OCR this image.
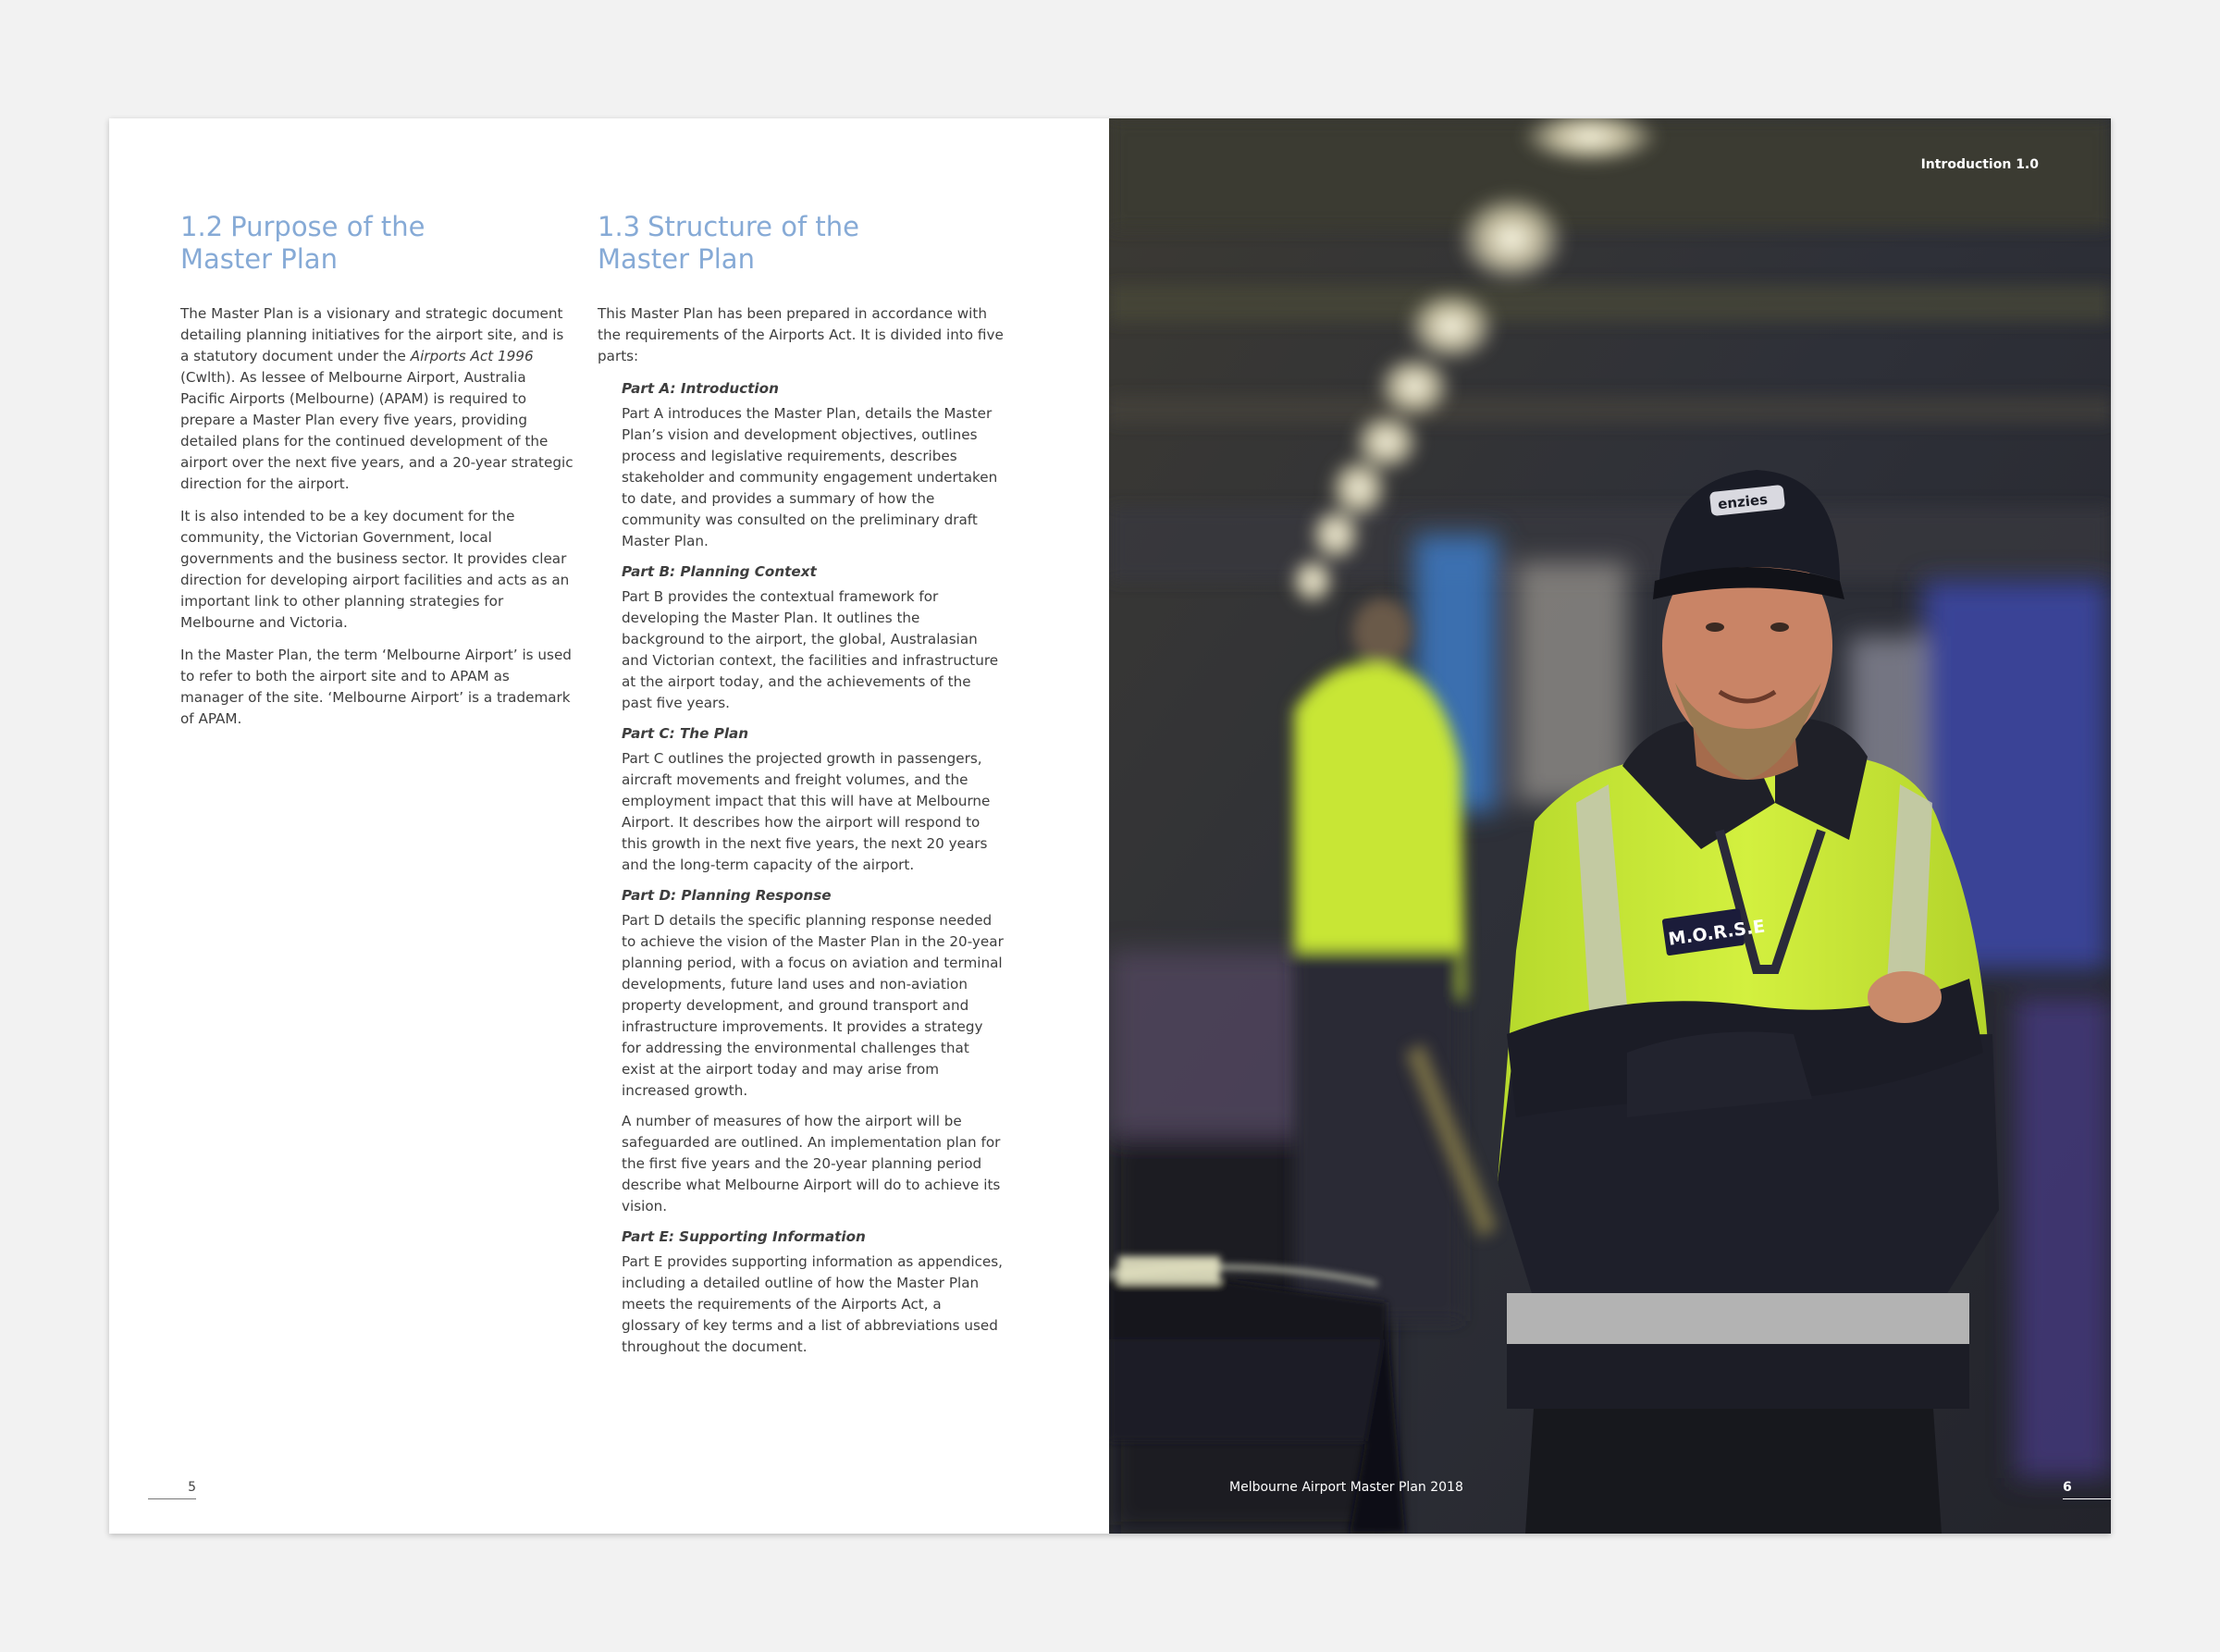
1.2 Purpose of the
Master Plan

The Master Plan is a visionary and strategic document detailing planning initiatives for the airport site, and is a statutory document under the Airports Act 1996 (Cwlth). As lessee of Melbourne Airport, Australia Pacific Airports (Melbourne) (APAM) is required to prepare a Master Plan every five years, providing detailed plans for the continued development of the airport over the next five years, and a 20-year strategic direction for the airport.

It is also intended to be a key document for the community, the Victorian Government, local governments and the business sector. It provides clear direction for developing airport facilities and acts as an important link to other planning strategies for Melbourne and Victoria.

In the Master Plan, the term ‘Melbourne Airport’ is used to refer to both the airport site and to APAM as manager of the site. ‘Melbourne Airport’ is a trademark of APAM.

1.3 Structure of the
Master Plan

This Master Plan has been prepared in accordance with the requirements of the Airports Act. It is divided into five parts:

Part A: Introduction

Part A introduces the Master Plan, details the Master Plan’s vision and development objectives, outlines process and legislative requirements, describes stakeholder and community engagement undertaken to date, and provides a summary of how the community was consulted on the preliminary draft Master Plan.

Part B: Planning Context

Part B provides the contextual framework for developing the Master Plan. It outlines the background to the airport, the global, Australasian and Victorian context, the facilities and infrastructure at the airport today, and the achievements of the past five years.

Part C: The Plan

Part C outlines the projected growth in passengers, aircraft movements and freight volumes, and the employment impact that this will have at Melbourne Airport. It describes how the airport will respond to this growth in the next five years, the next 20 years and the long-term capacity of the airport.

Part D: Planning Response

Part D details the specific planning response needed to achieve the vision of the Master Plan in the 20-year planning period, with a focus on aviation and terminal developments, future land uses and non-aviation property development, and ground transport and infrastructure improvements. It provides a strategy for addressing the environmental challenges that exist at the airport today and may arise from increased growth.

A number of measures of how the airport will be safeguarded are outlined. An implementation plan for the first five years and the 20-year planning period describe what Melbourne Airport will do to achieve its vision.

Part E: Supporting Information

Part E provides supporting information as appendices, including a detailed outline of how the Master Plan meets the requirements of the Airports Act, a glossary of key terms and a list of abbreviations used throughout the document.

5
M.O.R.S.E
enzies
Introduction 1.0
Melbourne Airport Master Plan 2018	6
